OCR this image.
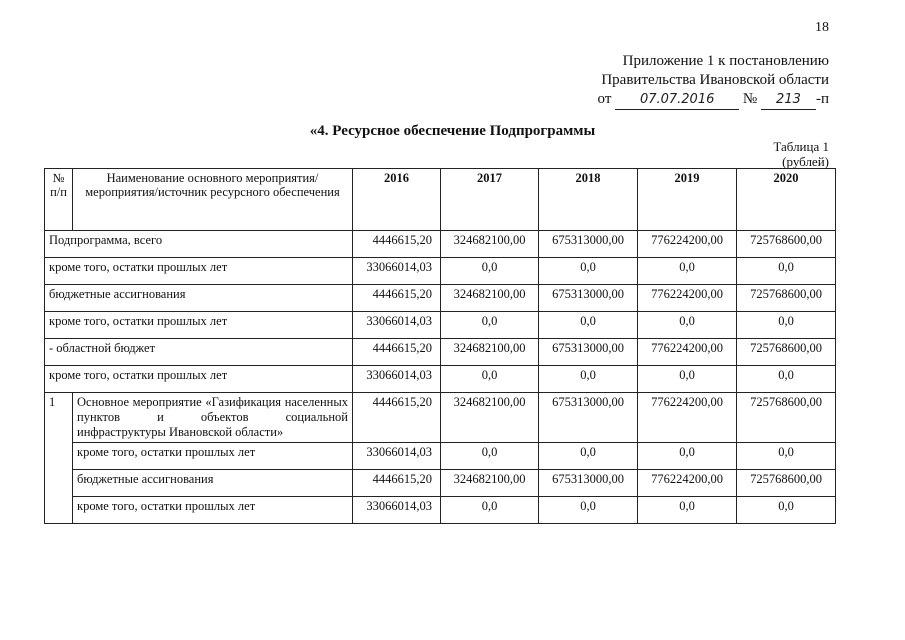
18
Приложение 1 к постановлению
Правительства Ивановской области
от 07.07.2016 № 213 -п
«4. Ресурсное обеспечение Подпрограммы
Таблица 1
(рублей)
№ п/п	Наименование основного мероприятия/мероприятия/источник ресурсного обеспечения	2016	2017	2018	2019	2020
Подпрограмма, всего		4446615,20	324682100,00	675313000,00	776224200,00	725768600,00
кроме того, остатки прошлых лет		33066014,03	0,0	0,0	0,0	0,0
бюджетные ассигнования		4446615,20	324682100,00	675313000,00	776224200,00	725768600,00
кроме того, остатки прошлых лет		33066014,03	0,0	0,0	0,0	0,0
- областной бюджет		4446615,20	324682100,00	675313000,00	776224200,00	725768600,00
кроме того, остатки прошлых лет		33066014,03	0,0	0,0	0,0	0,0
1	Основное мероприятие «Газификация населенных пунктов и объектов социальной
инфраструктуры Ивановской области»	4446615,20	324682100,00	675313000,00	776224200,00	725768600,00
	кроме того, остатки прошлых лет	33066014,03	0,0	0,0	0,0	0,0
	бюджетные ассигнования	4446615,20	324682100,00	675313000,00	776224200,00	725768600,00
	кроме того, остатки прошлых лет	33066014,03	0,0	0,0	0,0	0,0
